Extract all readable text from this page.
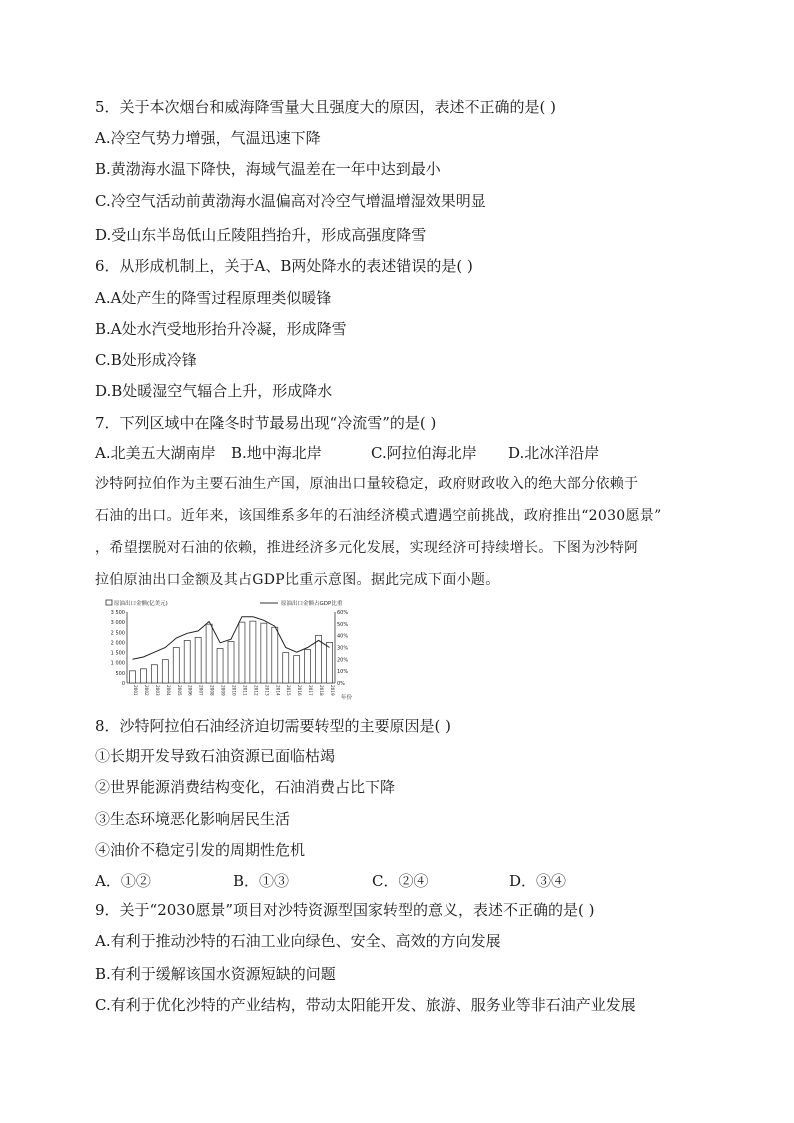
5．关于本次烟台和威海降雪量大且强度大的原因，表述不正确的是( )
A.冷空气势力增强，气温迅速下降
B.黄渤海水温下降快，海域气温差在一年中达到最小
C.冷空气活动前黄渤海水温偏高对冷空气增温增湿效果明显
D.受山东半岛低山丘陵阻挡抬升，形成高强度降雪
6．从形成机制上，关于A、B两处降水的表述错误的是( )
A.A处产生的降雪过程原理类似暖锋
B.A处水汽受地形抬升冷凝，形成降雪
C.B处形成冷锋
D.B处暖湿空气辐合上升，形成降水
7．下列区域中在隆冬时节最易出现“冷流雪”的是( )
A.北美五大湖南岸 B.地中海北岸	C.阿拉伯海北岸 D.北冰洋沿岸
沙特阿拉伯作为主要石油生产国，原油出口量较稳定，政府财政收入的绝大部分依赖于
石油的出口。近年来，该国维系多年的石油经济模式遭遇空前挑战，政府推出“2030愿景”
，希望摆脱对石油的依赖，推进经济多元化发展，实现经济可持续增长。下图为沙特阿
拉伯原油出口金额及其占GDP比重示意图。据此完成下面小题。
原油出口金额(亿美元)	原油出口金额占GDP比重
年份
3 500
3 000
2 500
2 000
1 500
1 000
500
0
60%
50%
40%
30%
20%
10%
0%
2001 2002 2003 2004 2005 2006 2007 2008 2009 2010 2011 2012 2013 2014 2015 2016 2017 2018 2019
8．沙特阿拉伯石油经济迫切需要转型的主要原因是( )
①长期开发导致石油资源已面临枯竭
②世界能源消费结构变化，石油消费占比下降
③生态环境恶化影响居民生活
④油价不稳定引发的周期性危机
A．①②	B．①③	C．②④	D．③④
9．关于“2030愿景”项目对沙特资源型国家转型的意义，表述不正确的是( )
A.有利于推动沙特的石油工业向绿色、安全、高效的方向发展
B.有利于缓解该国水资源短缺的问题
C.有利于优化沙特的产业结构，带动太阳能开发、旅游、服务业等非石油产业发展
